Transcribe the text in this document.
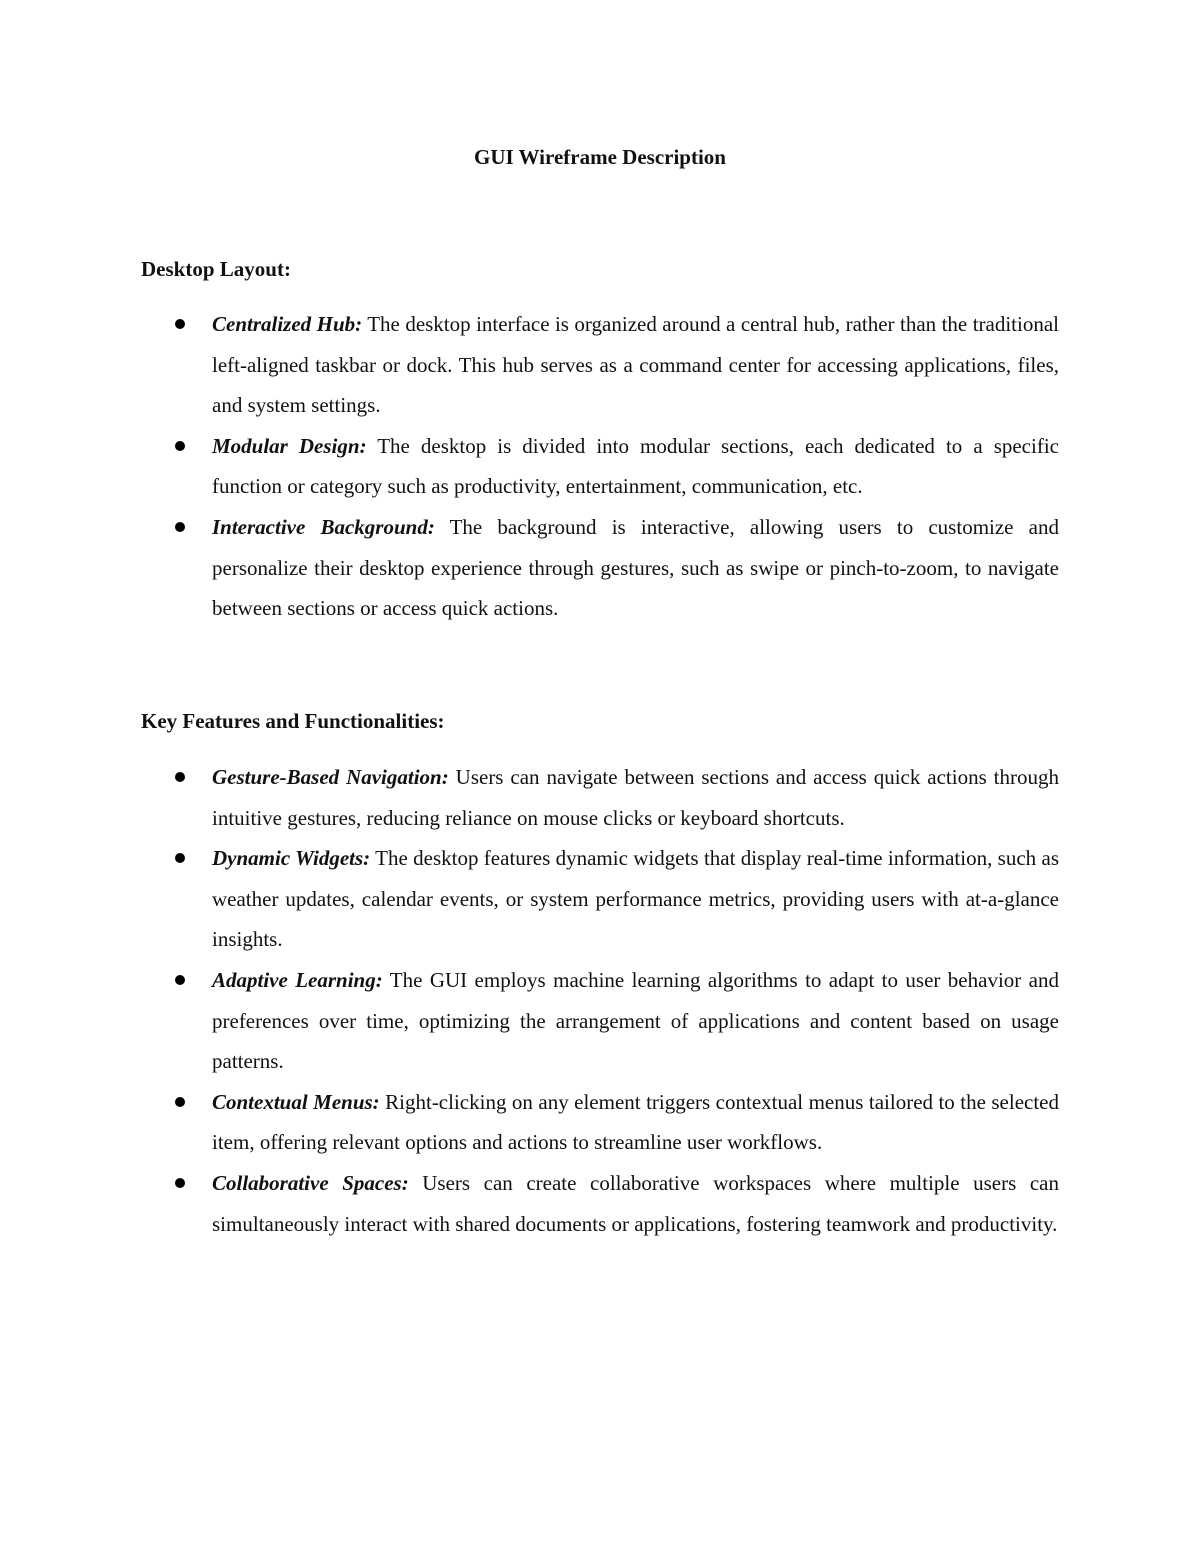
GUI Wireframe Description
Desktop Layout:
Centralized Hub: The desktop interface is organized around a central hub, rather than the traditional left-aligned taskbar or dock. This hub serves as a command center for accessing applications, files, and system settings.
Modular Design: The desktop is divided into modular sections, each dedicated to a specific function or category such as productivity, entertainment, communication, etc.
Interactive Background: The background is interactive, allowing users to customize and personalize their desktop experience through gestures, such as swipe or pinch-to-zoom, to navigate between sections or access quick actions.
Key Features and Functionalities:
Gesture-Based Navigation: Users can navigate between sections and access quick actions through intuitive gestures, reducing reliance on mouse clicks or keyboard shortcuts.
Dynamic Widgets: The desktop features dynamic widgets that display real-time information, such as weather updates, calendar events, or system performance metrics, providing users with at-a-glance insights.
Adaptive Learning: The GUI employs machine learning algorithms to adapt to user behavior and preferences over time, optimizing the arrangement of applications and content based on usage patterns.
Contextual Menus: Right-clicking on any element triggers contextual menus tailored to the selected item, offering relevant options and actions to streamline user workflows.
Collaborative Spaces: Users can create collaborative workspaces where multiple users can simultaneously interact with shared documents or applications, fostering teamwork and productivity.
